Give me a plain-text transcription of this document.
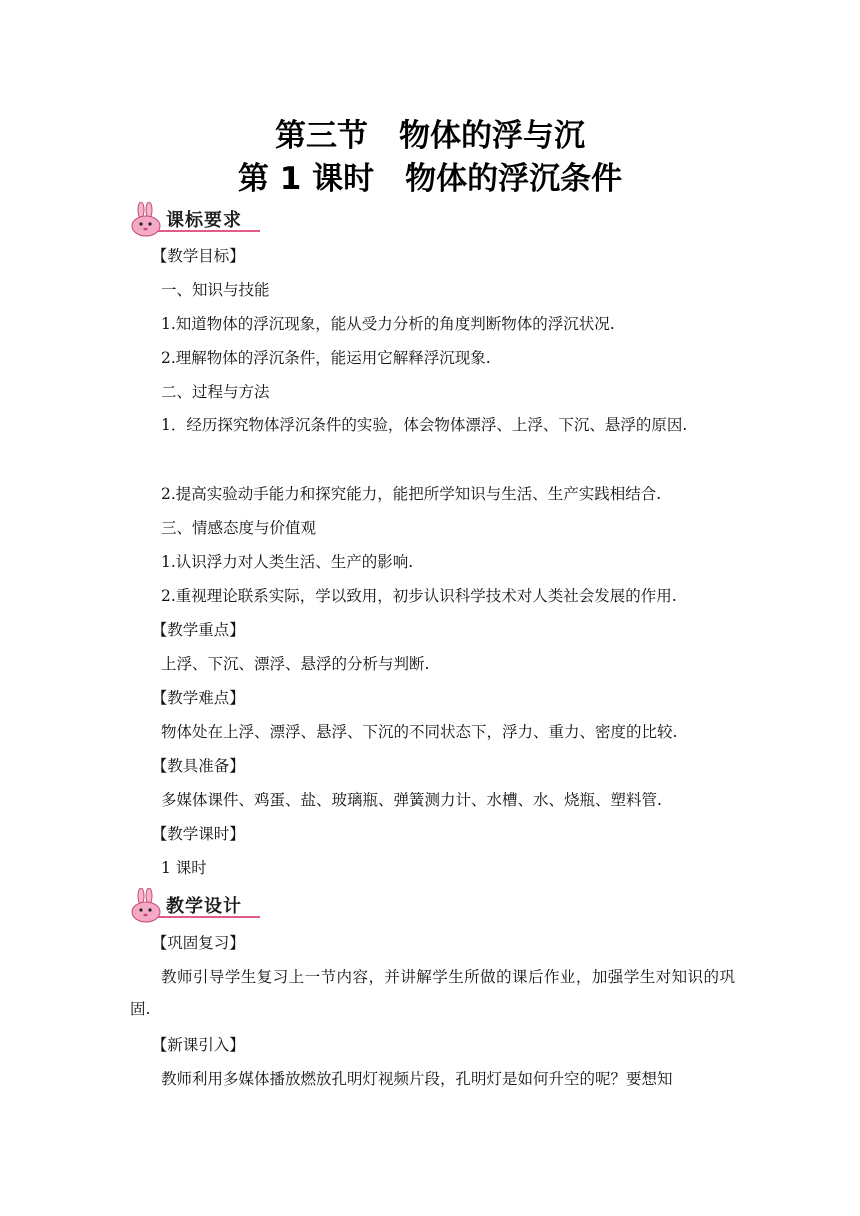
第三节　物体的浮与沉
第 1 课时　物体的浮沉条件
课标要求

【教学目标】

一、知识与技能

1.知道物体的浮沉现象，能从受力分析的角度判断物体的浮沉状况.

2.理解物体的浮沉条件，能运用它解释浮沉现象.

二、过程与方法

1．经历探究物体浮沉条件的实验，体会物体漂浮、上浮、下沉、悬浮的原因.

2.提高实验动手能力和探究能力，能把所学知识与生活、生产实践相结合.

三、情感态度与价值观

1.认识浮力对人类生活、生产的影响.

2.重视理论联系实际，学以致用，初步认识科学技术对人类社会发展的作用.

【教学重点】

上浮、下沉、漂浮、悬浮的分析与判断.

【教学难点】

物体处在上浮、漂浮、悬浮、下沉的不同状态下，浮力、重力、密度的比较.

【教具准备】

多媒体课件、鸡蛋、盐、玻璃瓶、弹簧测力计、水槽、水、烧瓶、塑料管.

【教学课时】

1 课时

教学设计

【巩固复习】

教师引导学生复习上一节内容，并讲解学生所做的课后作业，加强学生对知识的巩固.

【新课引入】

教师利用多媒体播放燃放孔明灯视频片段，孔明灯是如何升空的呢？要想知
